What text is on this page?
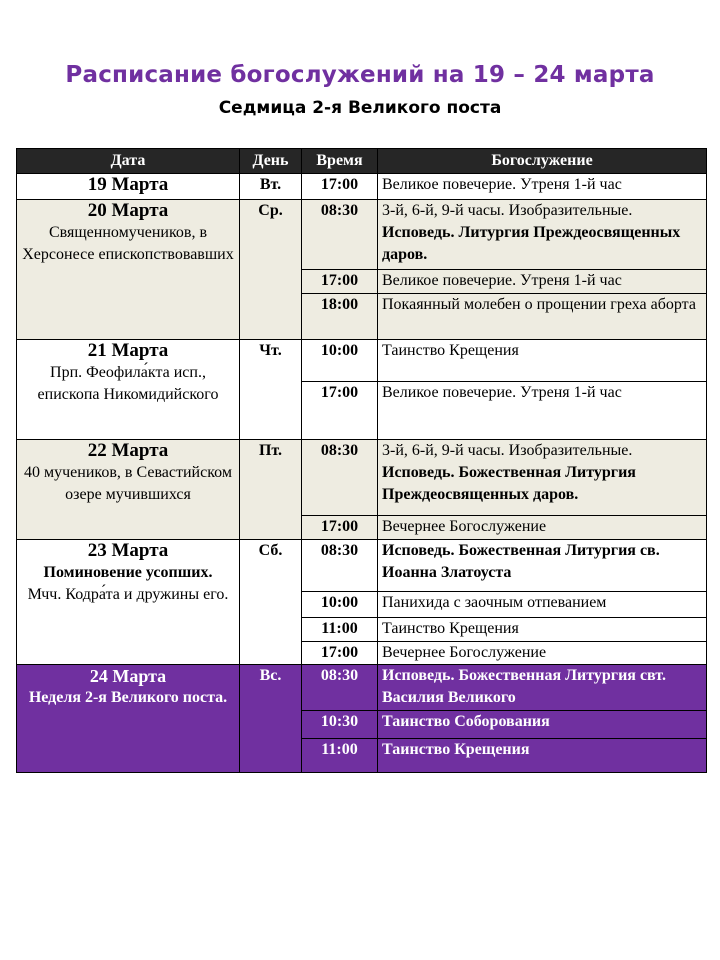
Расписание богослужений на 19 – 24 марта
Седмица 2-я Великого поста
Дата	День	Время	Богослужение

19 Марта	Вт.	17:00	Великое повечерие. Утреня 1-й час

20 Марта
Священномучеников, в Херсонесе епископствовавших	Ср.	08:30	3-й, 6-й, 9-й часы. Изобразительные. Исповедь. Литургия Преждеосвященных даров.
		17:00	Великое повечерие. Утреня 1-й час
		18:00	Покаянный молебен о прощении греха аборта

21 Марта
Прп. Феофила́кта исп., епископа Никомидийского	Чт.	10:00	Таинство Крещения
		17:00	Великое повечерие. Утреня 1-й час

22 Марта
40 мучеников, в Севастийском озере мучившихся	Пт.	08:30	3-й, 6-й, 9-й часы. Изобразительные. Исповедь. Божественная Литургия Преждеосвященных даров.
		17:00	Вечернее Богослужение

23 Марта
Поминовение усопших.
Мчч. Кодра́та и дружины его.	Сб.	08:30	Исповедь. Божественная Литургия св. Иоанна Златоуста
		10:00	Панихида с заочным отпеванием
		11:00	Таинство Крещения
		17:00	Вечернее Богослужение

24 Марта
Неделя 2-я Великого поста.	Вс.	08:30	Исповедь. Божественная Литургия свт. Василия Великого
		10:30	Таинство Соборования
		11:00	Таинство Крещения
